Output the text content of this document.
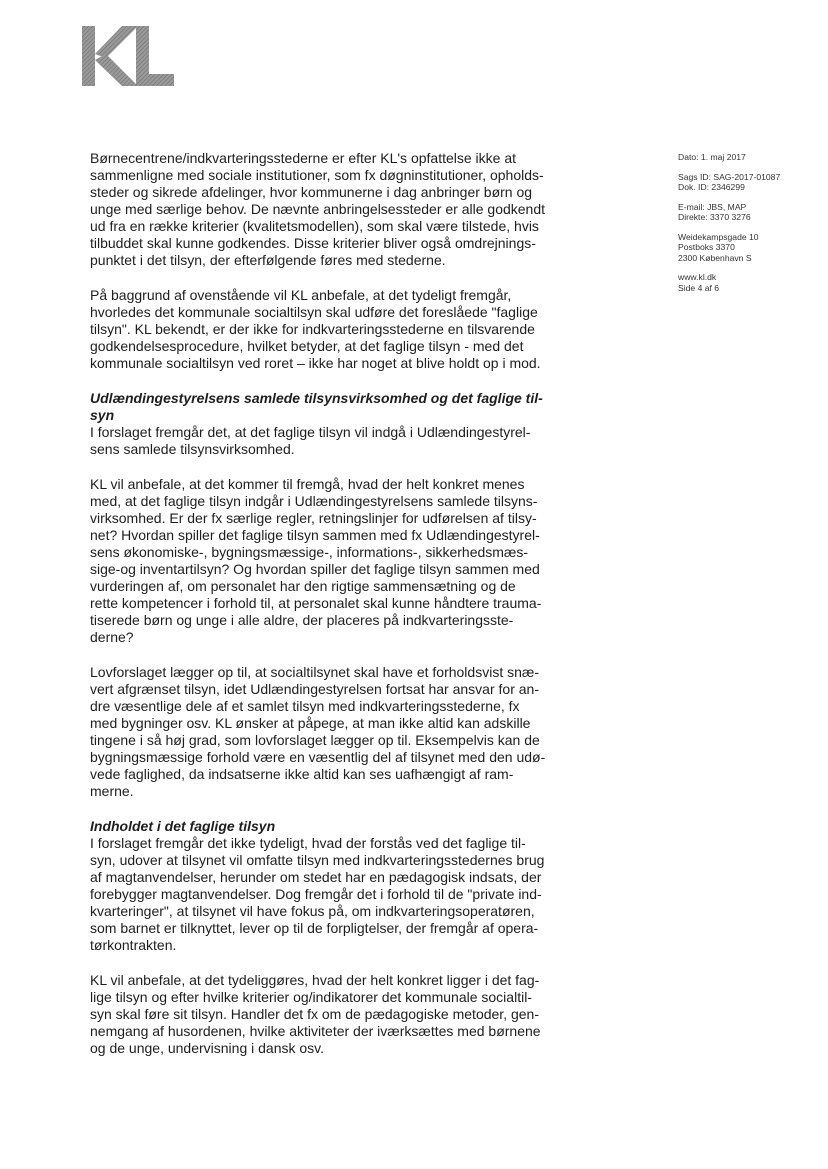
Dato: 1. maj 2017
Sags ID: SAG-2017-01087
Dok. ID: 2346299
E-mail: JBS, MAP
Direkte: 3370 3276
Weidekampsgade 10
Postboks 3370
2300 København S
www.kl.dk
Side 4 af 6
Børnecentrene/indkvarteringsstederne er efter KL's opfattelse ikke at
sammenligne med sociale institutioner, som fx døgninstitutioner, opholds-
steder og sikrede afdelinger, hvor kommunerne i dag anbringer børn og
unge med særlige behov. De nævnte anbringelsessteder er alle godkendt
ud fra en række kriterier (kvalitetsmodellen), som skal være tilstede, hvis
tilbuddet skal kunne godkendes. Disse kriterier bliver også omdrejnings-
punktet i det tilsyn, der efterfølgende føres med stederne.
På baggrund af ovenstående vil KL anbefale, at det tydeligt fremgår,
hvorledes det kommunale socialtilsyn skal udføre det foreslåede "faglige
tilsyn". KL bekendt, er der ikke for indkvarteringsstederne en tilsvarende
godkendelsesprocedure, hvilket betyder, at det faglige tilsyn - med det
kommunale socialtilsyn ved roret – ikke har noget at blive holdt op i mod.
Udlændingestyrelsens samlede tilsynsvirksomhed og det faglige til-
syn
I forslaget fremgår det, at det faglige tilsyn vil indgå i Udlændingestyrel-
sens samlede tilsynsvirksomhed.
KL vil anbefale, at det kommer til fremgå, hvad der helt konkret menes
med, at det faglige tilsyn indgår i Udlændingestyrelsens samlede tilsyns-
virksomhed. Er der fx særlige regler, retningslinjer for udførelsen af tilsy-
net? Hvordan spiller det faglige tilsyn sammen med fx Udlændingestyrel-
sens økonomiske-, bygningsmæssige-, informations-, sikkerhedsmæs-
sige-og inventartilsyn? Og hvordan spiller det faglige tilsyn sammen med
vurderingen af, om personalet har den rigtige sammensætning og de
rette kompetencer i forhold til, at personalet skal kunne håndtere trauma-
tiserede børn og unge i alle aldre, der placeres på indkvarteringsste-
derne?
Lovforslaget lægger op til, at socialtilsynet skal have et forholdsvist snæ-
vert afgrænset tilsyn, idet Udlændingestyrelsen fortsat har ansvar for an-
dre væsentlige dele af et samlet tilsyn med indkvarteringsstederne, fx
med bygninger osv. KL ønsker at påpege, at man ikke altid kan adskille
tingene i så høj grad, som lovforslaget lægger op til. Eksempelvis kan de
bygningsmæssige forhold være en væsentlig del af tilsynet med den udø-
vede faglighed, da indsatserne ikke altid kan ses uafhængigt af ram-
merne.
Indholdet i det faglige tilsyn
I forslaget fremgår det ikke tydeligt, hvad der forstås ved det faglige til-
syn, udover at tilsynet vil omfatte tilsyn med indkvarteringsstedernes brug
af magtanvendelser, herunder om stedet har en pædagogisk indsats, der
forebygger magtanvendelser. Dog fremgår det i forhold til de "private ind-
kvarteringer", at tilsynet vil have fokus på, om indkvarteringsoperatøren,
som barnet er tilknyttet, lever op til de forpligtelser, der fremgår af opera-
tørkontrakten.
KL vil anbefale, at det tydeliggøres, hvad der helt konkret ligger i det fag-
lige tilsyn og efter hvilke kriterier og/indikatorer det kommunale socialtil-
syn skal føre sit tilsyn. Handler det fx om de pædagogiske metoder, gen-
nemgang af husordenen, hvilke aktiviteter der iværksættes med børnene
og de unge, undervisning i dansk osv.
